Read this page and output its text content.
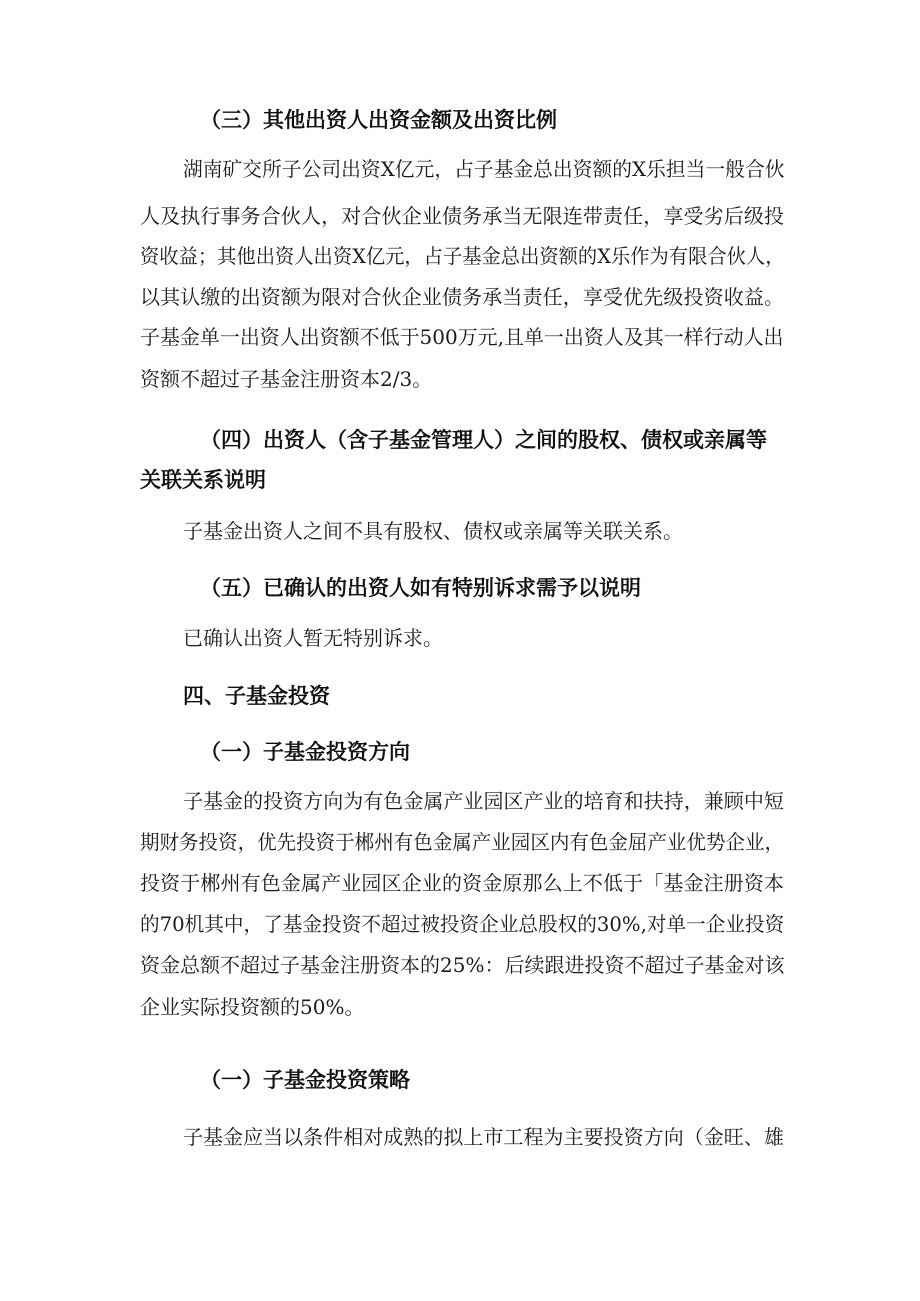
（三）其他出资人出资金额及出资比例
湖南矿交所子公司出资X亿元，占子基金总出资额的X乐担当一般合伙
人及执行事务合伙人，对合伙企业债务承当无限连带责任，享受劣后级投
资收益；其他出资人出资X亿元，占子基金总出资额的X乐作为有限合伙人，
以其认缴的出资额为限对合伙企业债务承当责任，享受优先级投资收益。
子基金单一出资人出资额不低于500万元,且单一出资人及其一样行动人出
资额不超过子基金注册资本2/3。
（四）出资人（含子基金管理人）之间的股权、债权或亲属等
关联关系说明
子基金出资人之间不具有股权、债权或亲属等关联关系。
（五）已确认的出资人如有特别诉求需予以说明
已确认出资人暂无特别诉求。
四、子基金投资
（一）子基金投资方向
子基金的投资方向为有色金属产业园区产业的培育和扶持，兼顾中短
期财务投资，优先投资于郴州有色金属产业园区内有色金屈产业优势企业，
投资于郴州有色金属产业园区企业的资金原那么上不低于「基金注册资本
的70机其中，了基金投资不超过被投资企业总股权的30%,对单一企业投资
资金总额不超过子基金注册资本的25%：后续跟进投资不超过子基金对该
企业实际投资额的50%。
（一）子基金投资策略
子基金应当以条件相对成熟的拟上市工程为主要投资方向（金旺、雄
